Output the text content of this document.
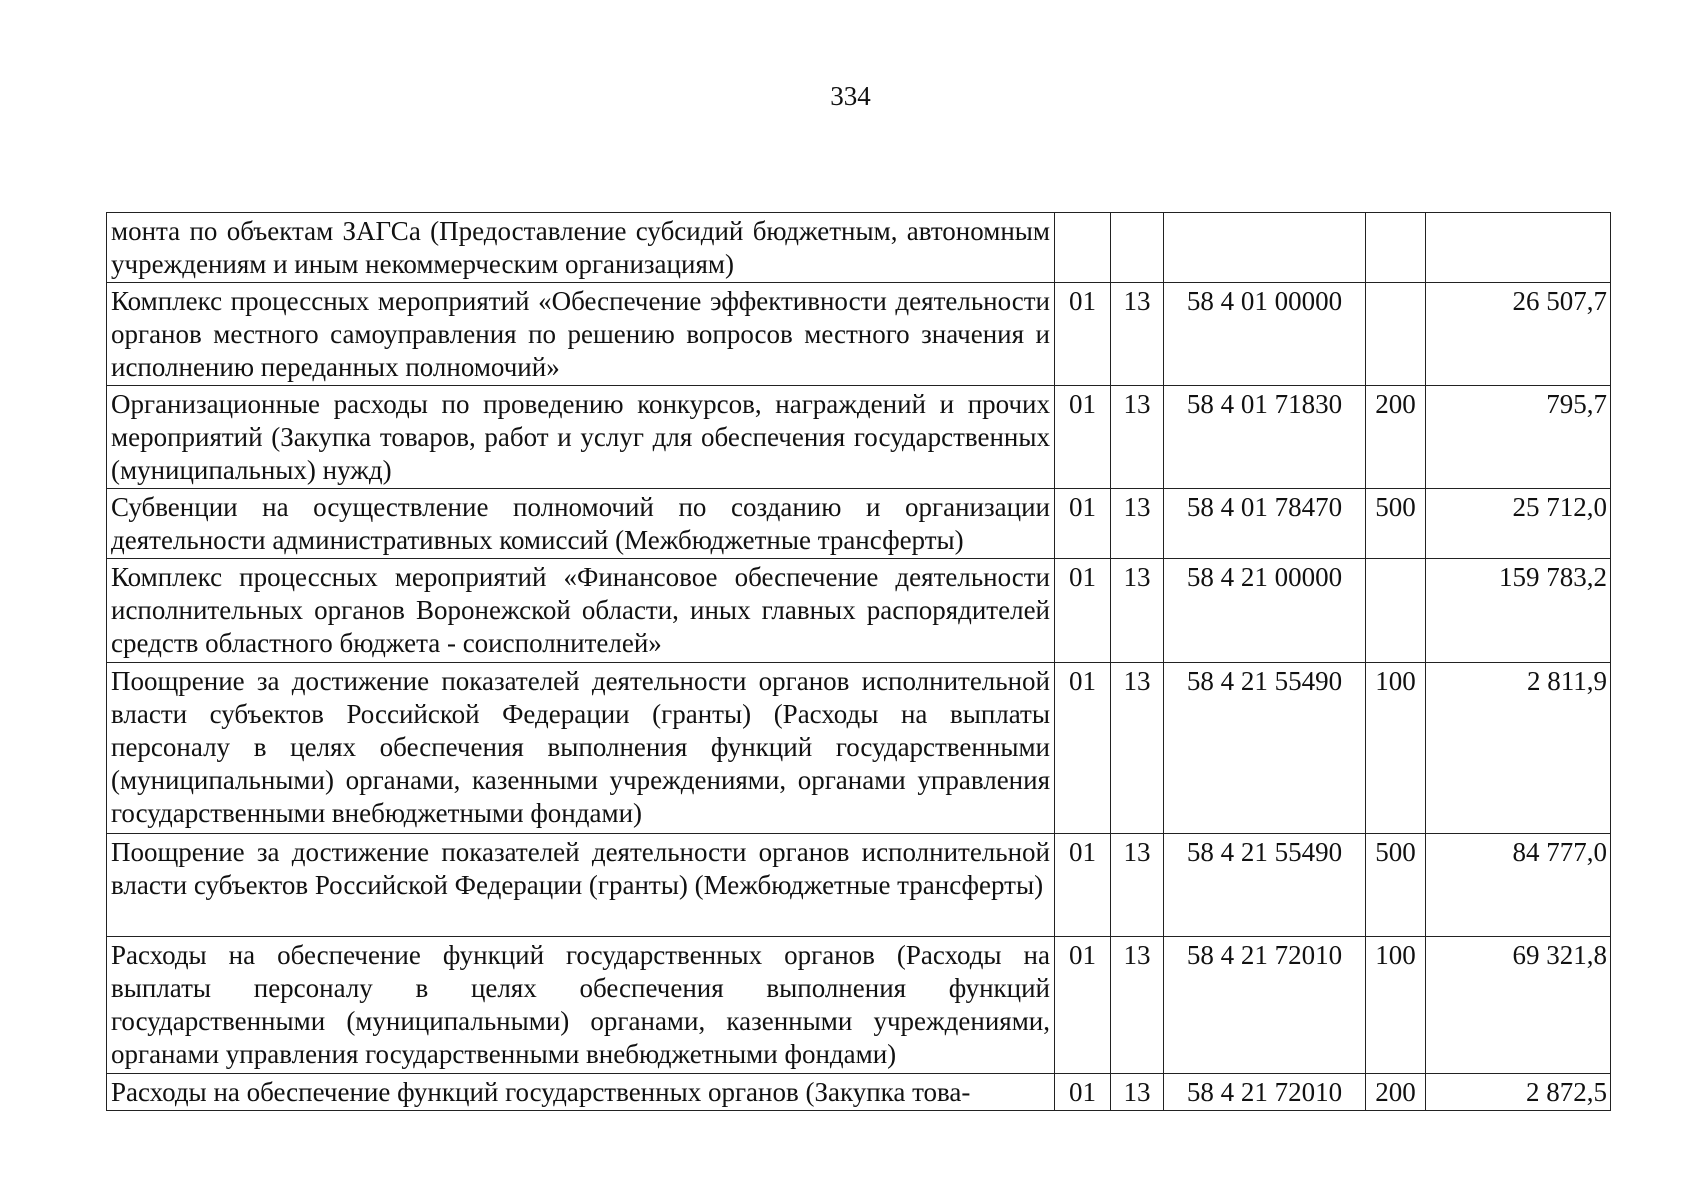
334
монта по объектам ЗАГСа (Предоставление субсидий бюджетным, автономным учреждениям и иным некоммерческим организациям)					
Комплекс процессных мероприятий «Обеспечение эффективности деятельности органов местного самоуправления по решению вопросов местного значения и исполнению переданных полномочий»	01	13	58 4 01 00000		26 507,7
Организационные расходы по проведению конкурсов, награждений и прочих мероприятий (Закупка товаров, работ и услуг для обеспечения государственных (муниципальных) нужд)	01	13	58 4 01 71830	200	795,7
Субвенции на осуществление полномочий по созданию и организации деятельности административных комиссий (Межбюджетные трансферты)	01	13	58 4 01 78470	500	25 712,0
Комплекс процессных мероприятий «Финансовое обеспечение деятельности исполнительных органов Воронежской области, иных главных распорядителей средств областного бюджета - соисполнителей»	01	13	58 4 21 00000		159 783,2
Поощрение за достижение показателей деятельности органов исполнительной власти субъектов Российской Федерации (гранты) (Расходы на выплаты персоналу в целях обеспечения выполнения функций государственными (муниципальными) органами, казенными учреждениями, органами управления государственными внебюджетными фондами)	01	13	58 4 21 55490	100	2 811,9
Поощрение за достижение показателей деятельности органов исполнительной власти субъектов Российской Федерации (гранты) (Межбюджетные трансферты)	01	13	58 4 21 55490	500	84 777,0
Расходы на обеспечение функций государственных органов (Расходы на выплаты персоналу в целях обеспечения выполнения функций государственными (муниципальными) органами, казенными учреждениями, органами управления государственными внебюджетными фондами)	01	13	58 4 21 72010	100	69 321,8
Расходы на обеспечение функций государственных органов (Закупка това-	01	13	58 4 21 72010	200	2 872,5
